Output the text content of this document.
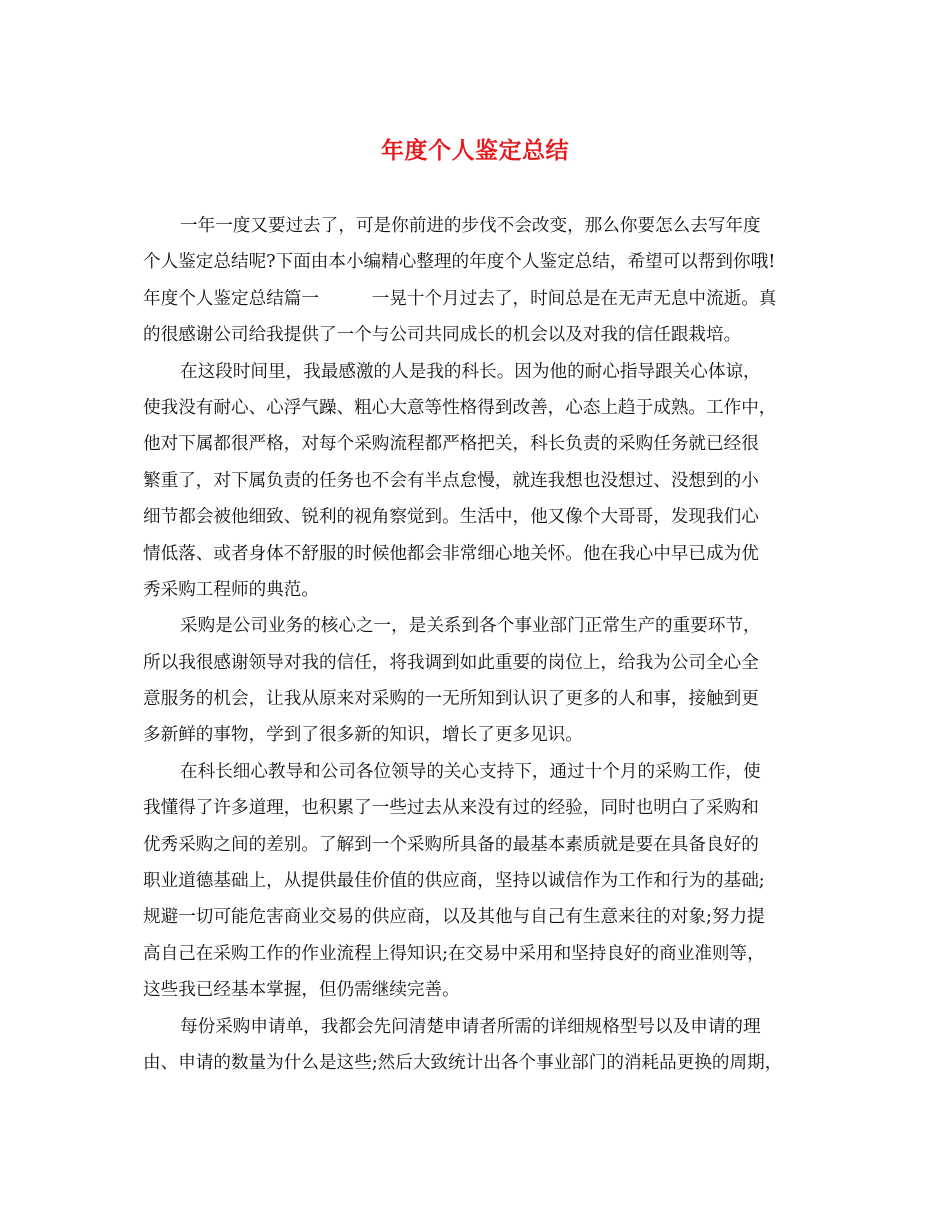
年度个人鉴定总结
一年一度又要过去了，可是你前进的步伐不会改变，那么你要怎么去写年度
个人鉴定总结呢?下面由本小编精心整理的年度个人鉴定总结，希望可以帮到你哦!
年度个人鉴定总结篇一　　　一晃十个月过去了，时间总是在无声无息中流逝。真
的很感谢公司给我提供了一个与公司共同成长的机会以及对我的信任跟栽培。
在这段时间里，我最感激的人是我的科长。因为他的耐心指导跟关心体谅，
使我没有耐心、心浮气躁、粗心大意等性格得到改善，心态上趋于成熟。工作中，
他对下属都很严格，对每个采购流程都严格把关，科长负责的采购任务就已经很
繁重了，对下属负责的任务也不会有半点怠慢，就连我想也没想过、没想到的小
细节都会被他细致、锐利的视角察觉到。生活中，他又像个大哥哥，发现我们心
情低落、或者身体不舒服的时候他都会非常细心地关怀。他在我心中早已成为优
秀采购工程师的典范。
采购是公司业务的核心之一，是关系到各个事业部门正常生产的重要环节，
所以我很感谢领导对我的信任，将我调到如此重要的岗位上，给我为公司全心全
意服务的机会，让我从原来对采购的一无所知到认识了更多的人和事，接触到更
多新鲜的事物，学到了很多新的知识，增长了更多见识。
在科长细心教导和公司各位领导的关心支持下，通过十个月的采购工作，使
我懂得了许多道理，也积累了一些过去从来没有过的经验，同时也明白了采购和
优秀采购之间的差别。了解到一个采购所具备的最基本素质就是要在具备良好的
职业道德基础上，从提供最佳价值的供应商，坚持以诚信作为工作和行为的基础;
规避一切可能危害商业交易的供应商，以及其他与自己有生意来往的对象;努力提
高自己在采购工作的作业流程上得知识;在交易中采用和坚持良好的商业准则等，
这些我已经基本掌握，但仍需继续完善。
每份采购申请单，我都会先问清楚申请者所需的详细规格型号以及申请的理
由、申请的数量为什么是这些;然后大致统计出各个事业部门的消耗品更换的周期，
